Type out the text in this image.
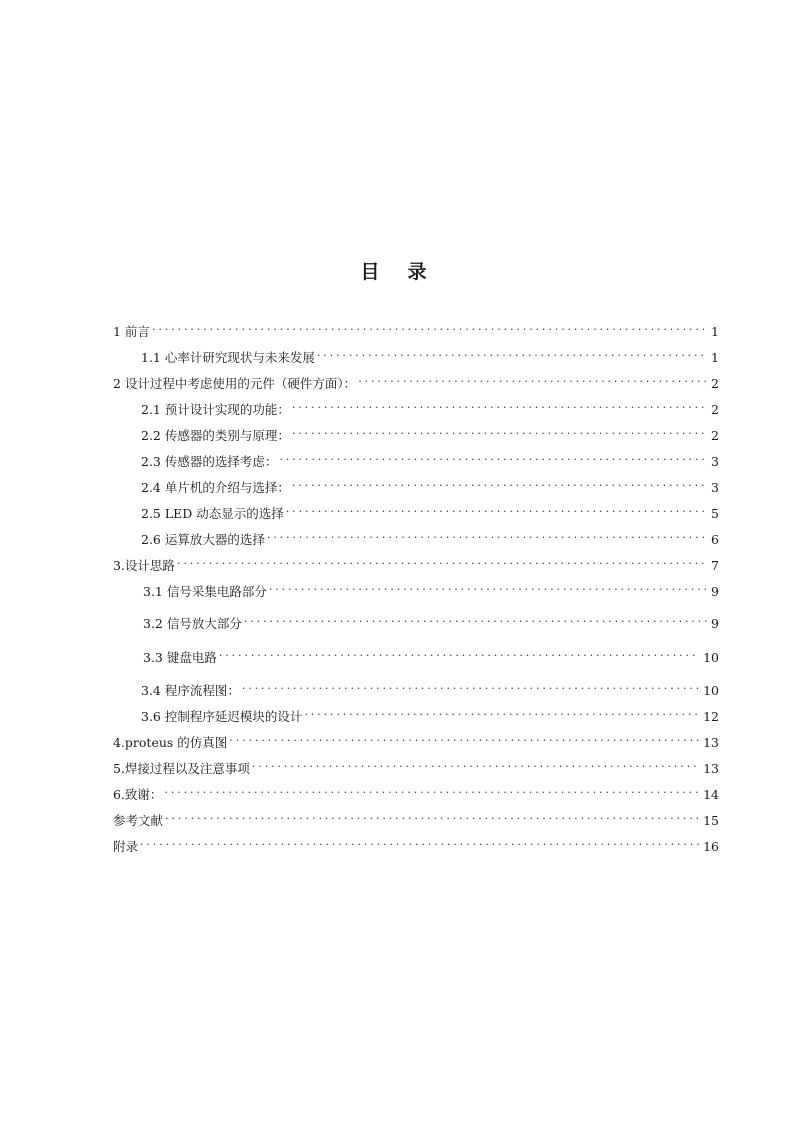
目 录
1 前言 . . .	1
1.1 心率计研究现状与未来发展 . . .	1
2 设计过程中考虑使用的元件（硬件方面）： . . .	2
2.1 预计设计实现的功能： . . .	2
2.2 传感器的类别与原理： . . .	2
2.3 传感器的选择考虑： . . .	3
2.4 单片机的介绍与选择： . . .	3
2.5 LED 动态显示的选择 . . .	5
2.6 运算放大器的选择 . . .	6
3.设计思路 . . .	7
3.1 信号采集电路部分 . . .	9
3.2 信号放大部分 . . .	9
3.3 键盘电路 . . .	10
3.4 程序流程图： . . .	10
3.6 控制程序延迟模块的设计 . . .	12
4.proteus 的仿真图 . . .	13
5.焊接过程以及注意事项 . . .	13
6.致谢： . . .	14
参考文献 . . .	15
附录 . . .	16
